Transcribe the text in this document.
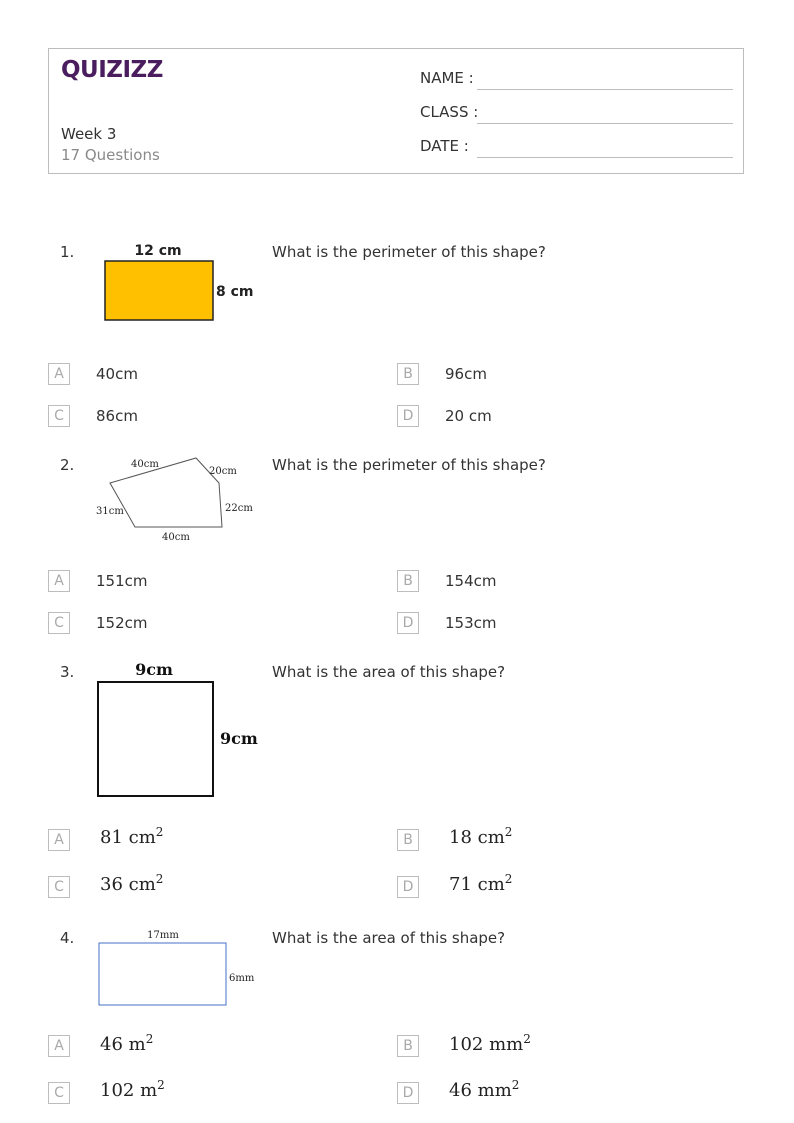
QUIZIZZ
Week 3
17 Questions
NAME :
CLASS :
DATE :
1.	12 cm
8 cm
What is the perimeter of this shape?
A	40cm	B	96cm
C	86cm	D	20 cm
2.	40cm
20cm
22cm
40cm
31cm
What is the perimeter of this shape?
A	151cm	B	154cm
C	152cm	D	153cm
3.	9cm
9cm
What is the area of this shape?
A	81 $cm^2$	B	18 $cm^2$
C	36 $cm^2$	D	71 $cm^2$
4.	17mm
6mm
What is the area of this shape?
A	46 $m^2$	B	102 $mm^2$
C	102 $m^2$	D	46 $mm^2$
